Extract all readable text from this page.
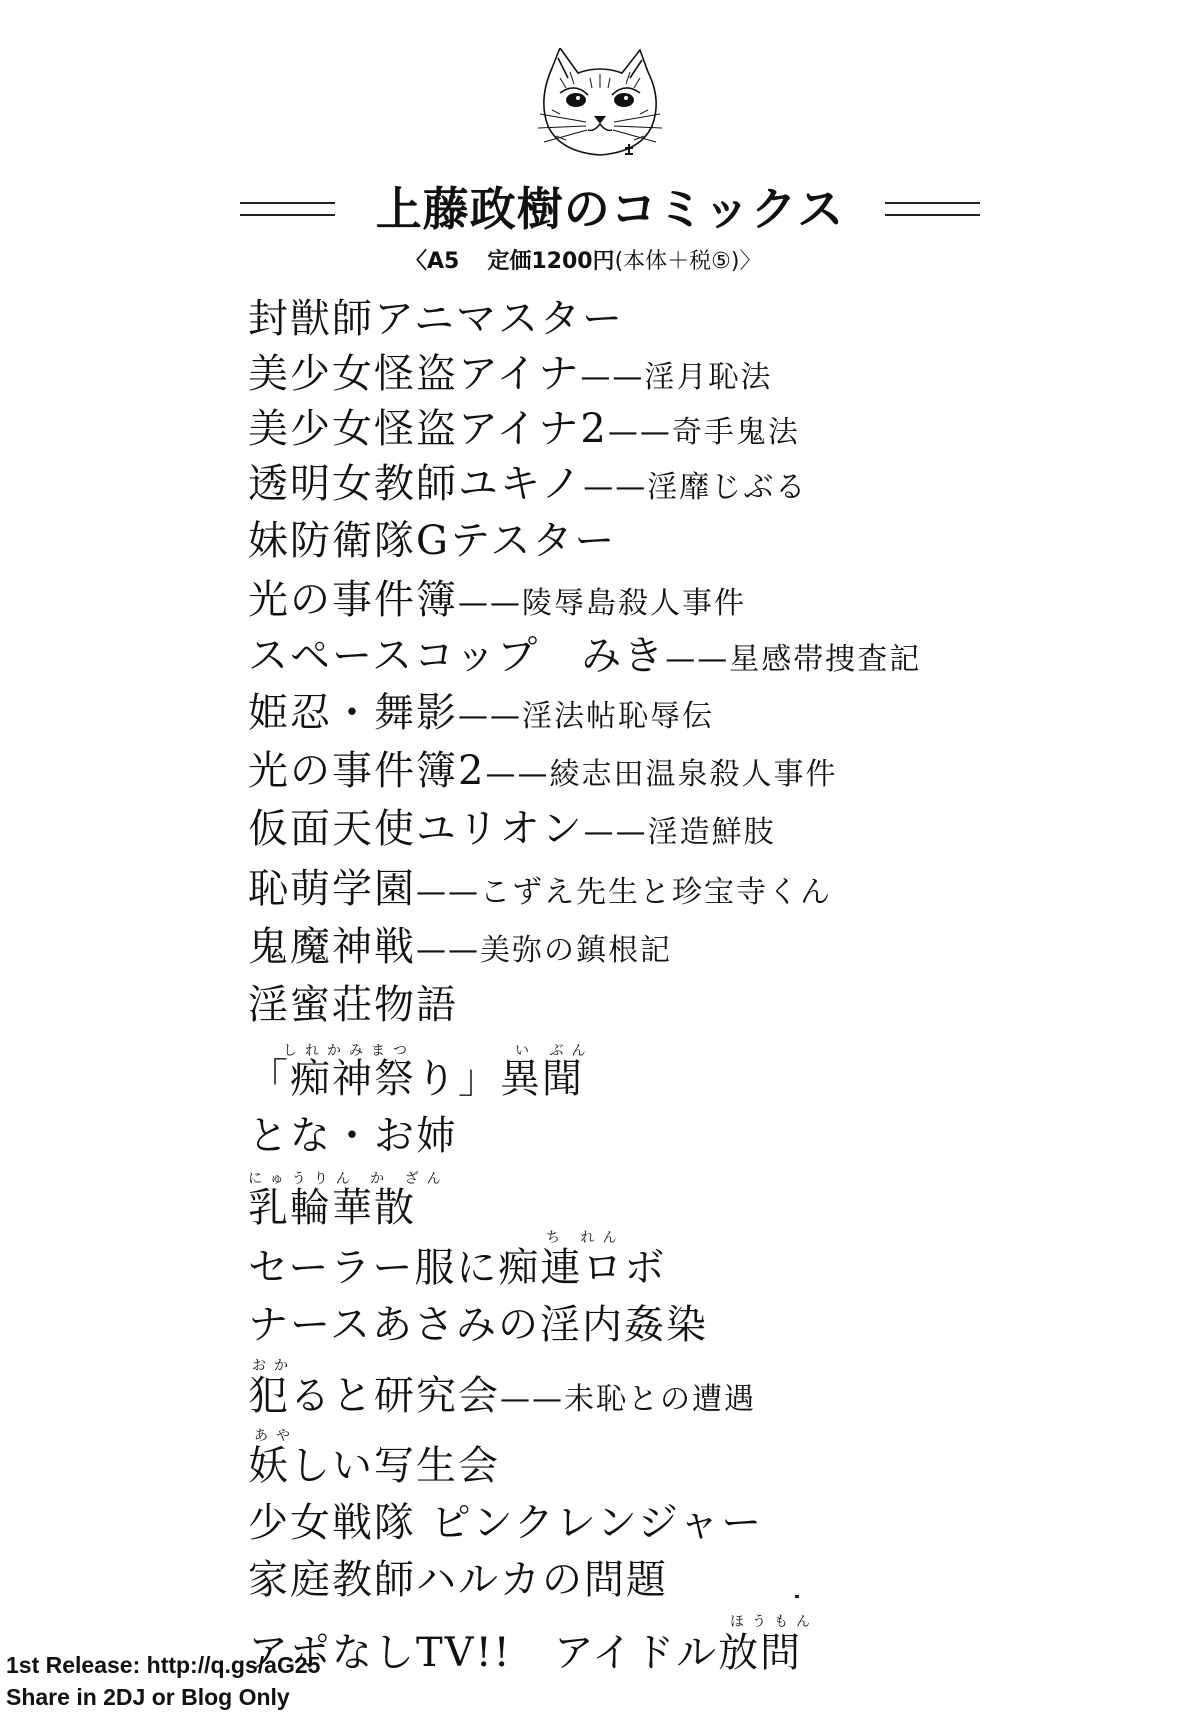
上藤政樹のコミックス
〈A5 定価1200円(本体＋税⑤)〉
封獣師アニマスター
美少女怪盗アイナ——淫月恥法
美少女怪盗アイナ2——奇手鬼法
透明女教師ユキノ——淫靡じぶる
妹防衛隊Gテスター
光の事件簿——陵辱島殺人事件
スペースコップ　みき——星感帯捜査記
姫忍・舞影——淫法帖恥辱伝
光の事件簿2——綾志田温泉殺人事件
仮面天使ユリオン——淫造鮮肢
恥萌学園——こずえ先生と珍宝寺くん
鬼魔神戦——美弥の鎮根記
淫蜜荘物語
「痴神祭り」異聞
とな・お姉
乳輪華散
セーラー服に痴連ロボ
ナースあさみの淫内姦染
犯ると研究会——未恥との遭遇
妖しい写生会
少女戦隊 ピンクレンジャー
家庭教師ハルカの問題
アポなしTV!!　アイドル放問
しれかみまつ	い ぶん
にゅうりん か ざん
ち れん
おか
あや
ほうもん
1st Release: http://q.gs/aG25
Share in 2DJ or Blog Only
